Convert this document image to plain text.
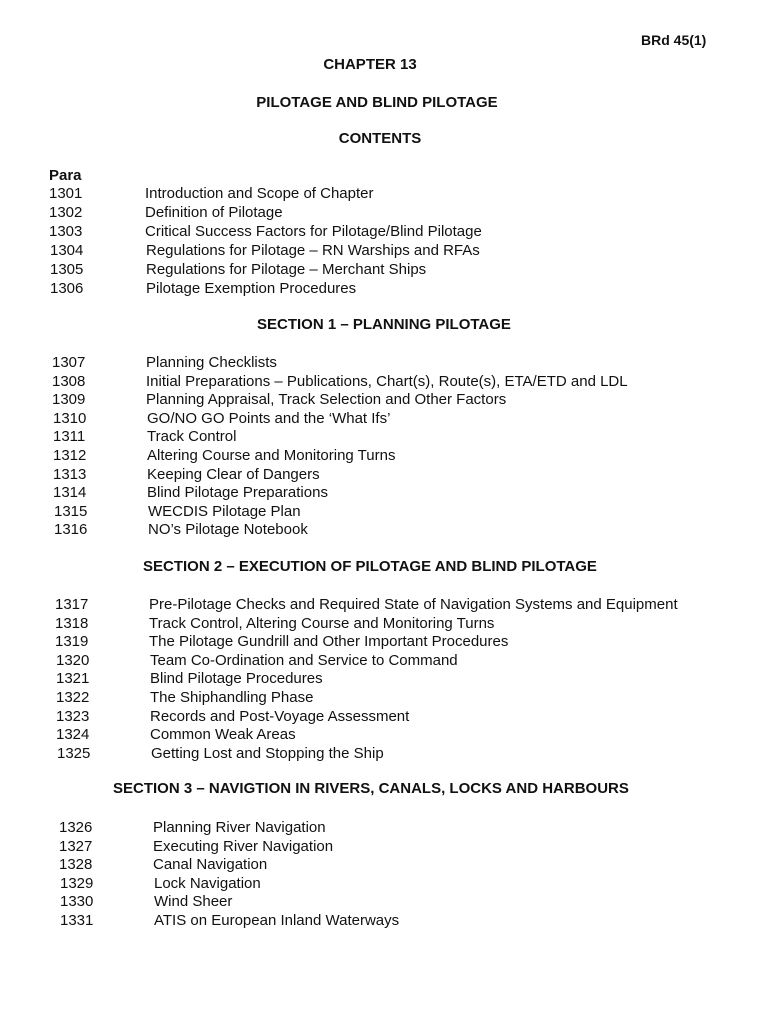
BRd 45(1)
CHAPTER 13
PILOTAGE AND BLIND PILOTAGE
CONTENTS
Para
1301	Introduction and Scope of Chapter
1302	Definition of Pilotage
1303	Critical Success Factors for Pilotage/Blind Pilotage
1304	Regulations for Pilotage – RN Warships and RFAs
1305	Regulations for Pilotage – Merchant Ships
1306	Pilotage Exemption Procedures
SECTION 1 – PLANNING PILOTAGE
1307	Planning Checklists
1308	Initial Preparations – Publications, Chart(s), Route(s), ETA/ETD and LDL
1309	Planning Appraisal, Track Selection and Other Factors
1310	GO/NO GO Points and the ‘What Ifs’
1311	Track Control
1312	Altering Course and Monitoring Turns
1313	Keeping Clear of Dangers
1314	Blind Pilotage Preparations
1315	WECDIS Pilotage Plan
1316	NO’s Pilotage Notebook
SECTION 2 – EXECUTION OF PILOTAGE AND BLIND PILOTAGE
1317	Pre-Pilotage Checks and Required State of Navigation Systems and Equipment
1318	Track Control, Altering Course and Monitoring Turns
1319	The Pilotage Gundrill and Other Important Procedures
1320	Team Co-Ordination and Service to Command
1321	Blind Pilotage Procedures
1322	The Shiphandling Phase
1323	Records and Post-Voyage Assessment
1324	Common Weak Areas
1325	Getting Lost and Stopping the Ship
SECTION 3 – NAVIGTION IN RIVERS, CANALS, LOCKS AND HARBOURS
1326	Planning River Navigation
1327	Executing River Navigation
1328	Canal Navigation
1329	Lock Navigation
1330	Wind Sheer
1331	ATIS on European Inland Waterways
